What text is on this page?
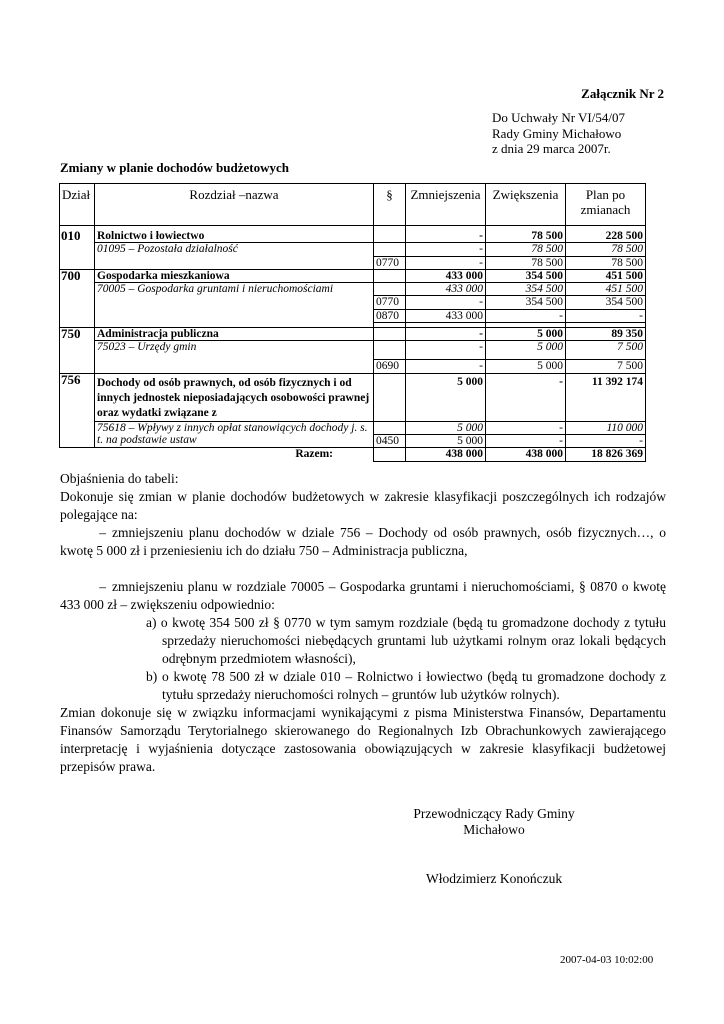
Załącznik Nr 2
Do Uchwały Nr VI/54/07
Rady Gminy Michałowo
z dnia 29 marca 2007r.
Zmiany w planie dochodów budżetowych
Dział	Rozdział –nazwa	§	Zmniejszenia	Zwiększenia	Plan po zmianach

010	Rolnictwo i łowiectwo		-	78 500	228 500
	01095 – Pozostała działalność		-	78 500	78 500
		0770	-	78 500	78 500
700	Gospodarka mieszkaniowa		433 000	354 500	451 500
	70005 – Gospodarka gruntami i nieruchomościami		433 000	354 500	451 500
		0770	-	354 500	354 500
		0870	433 000	-	-

750	Administracja publiczna		-	5 000	89 350
	75023 – Urzędy gmin		-	5 000	7 500
		0690	-	5 000	7 500
756	Dochody od osób prawnych, od osób fizycznych i od innych jednostek nieposiadających osobowości prawnej oraz wydatki związane z		5 000	-	11 392 174
	75618 – Wpływy z innych opłat stanowiących dochody j. s. t. na podstawie ustaw		5 000	-	110 000
		0450	5 000	-	-
	Razem:		438 000	438 000	18 826 369

Objaśnienia do tabeli:

Dokonuje się zmian w planie dochodów budżetowych w zakresie klasyfikacji poszczególnych ich rodzajów polegające na:

– zmniejszeniu planu dochodów w dziale 756 – Dochody od osób prawnych, osób fizycznych…, o kwotę 5 000 zł i przeniesieniu ich do działu 750 – Administracja publiczna,

– zmniejszeniu planu w rozdziale 70005 – Gospodarka gruntami i nieruchomościami, § 0870 o kwotę 433 000 zł – zwiększeniu odpowiednio:

a) o kwotę 354 500 zł § 0770 w tym samym rozdziale (będą tu gromadzone dochody z tytułu sprzedaży nieruchomości niebędących gruntami lub użytkami rolnym oraz lokali będących odrębnym przedmiotem własności),

b) o kwotę 78 500 zł w dziale 010 – Rolnictwo i łowiectwo (będą tu gromadzone dochody z tytułu sprzedaży nieruchomości rolnych – gruntów lub użytków rolnych).

Zmian dokonuje się w związku informacjami wynikającymi z pisma Ministerstwa Finansów, Departamentu Finansów Samorządu Terytorialnego skierowanego do Regionalnych Izb Obrachunkowych zawierającego interpretację i wyjaśnienia dotyczące zastosowania obowiązujących w zakresie klasyfikacji budżetowej przepisów prawa.

Przewodniczący Rady Gminy
Michałowo
Włodzimierz Konończuk
2007-04-03 10:02:00
